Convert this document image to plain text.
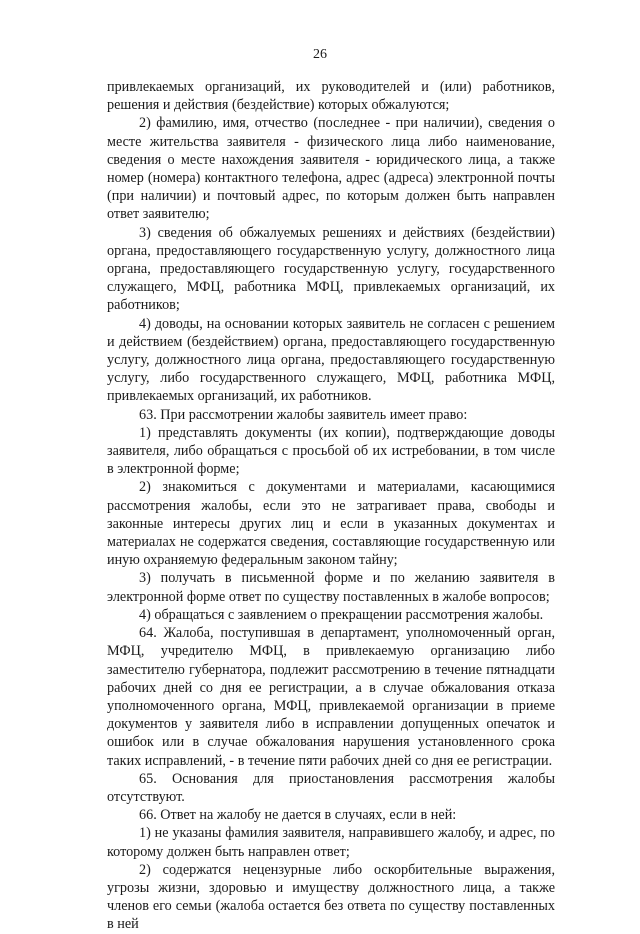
26

привлекаемых организаций, их руководителей и (или) работников, решения и действия (бездействие) которых обжалуются;

2) фамилию, имя, отчество (последнее - при наличии), сведения о месте жительства заявителя - физического лица либо наименование, сведения о месте нахождения заявителя - юридического лица, а также номер (номера) контактного телефона, адрес (адреса) электронной почты (при наличии) и почтовый адрес, по которым должен быть направлен ответ заявителю;

3) сведения об обжалуемых решениях и действиях (бездействии) органа, предоставляющего государственную услугу, должностного лица органа, предоставляющего государственную услугу, государственного служащего, МФЦ, работника МФЦ, привлекаемых организаций, их работников;

4) доводы, на основании которых заявитель не согласен с решением и действием (бездействием) органа, предоставляющего государственную услугу, должностного лица органа, предоставляющего государственную услугу, либо государственного служащего, МФЦ, работника МФЦ, привлекаемых организаций, их работников.

63. При рассмотрении жалобы заявитель имеет право:

1) представлять документы (их копии), подтверждающие доводы заявителя, либо обращаться с просьбой об их истребовании, в том числе в электронной форме;

2) знакомиться с документами и материалами, касающимися рассмотрения жалобы, если это не затрагивает права, свободы и законные интересы других лиц и если в указанных документах и материалах не содержатся сведения, составляющие государственную или иную охраняемую федеральным законом тайну;

3) получать в письменной форме и по желанию заявителя в электронной форме ответ по существу поставленных в жалобе вопросов;

4) обращаться с заявлением о прекращении рассмотрения жалобы.

64. Жалоба, поступившая в департамент, уполномоченный орган, МФЦ, учредителю МФЦ, в привлекаемую организацию либо заместителю губернатора, подлежит рассмотрению в течение пятнадцати рабочих дней со дня ее регистрации, а в случае обжалования отказа уполномоченного органа, МФЦ, привлекаемой организации в приеме документов у заявителя либо в исправлении допущенных опечаток и ошибок или в случае обжалования нарушения установленного срока таких исправлений, - в течение пяти рабочих дней со дня ее регистрации.

65. Основания для приостановления рассмотрения жалобы отсутствуют.

66. Ответ на жалобу не дается в случаях, если в ней:

1) не указаны фамилия заявителя, направившего жалобу, и адрес, по которому должен быть направлен ответ;

2) содержатся нецензурные либо оскорбительные выражения, угрозы жизни, здоровью и имуществу должностного лица, а также членов его семьи (жалоба остается без ответа по существу поставленных в ней
